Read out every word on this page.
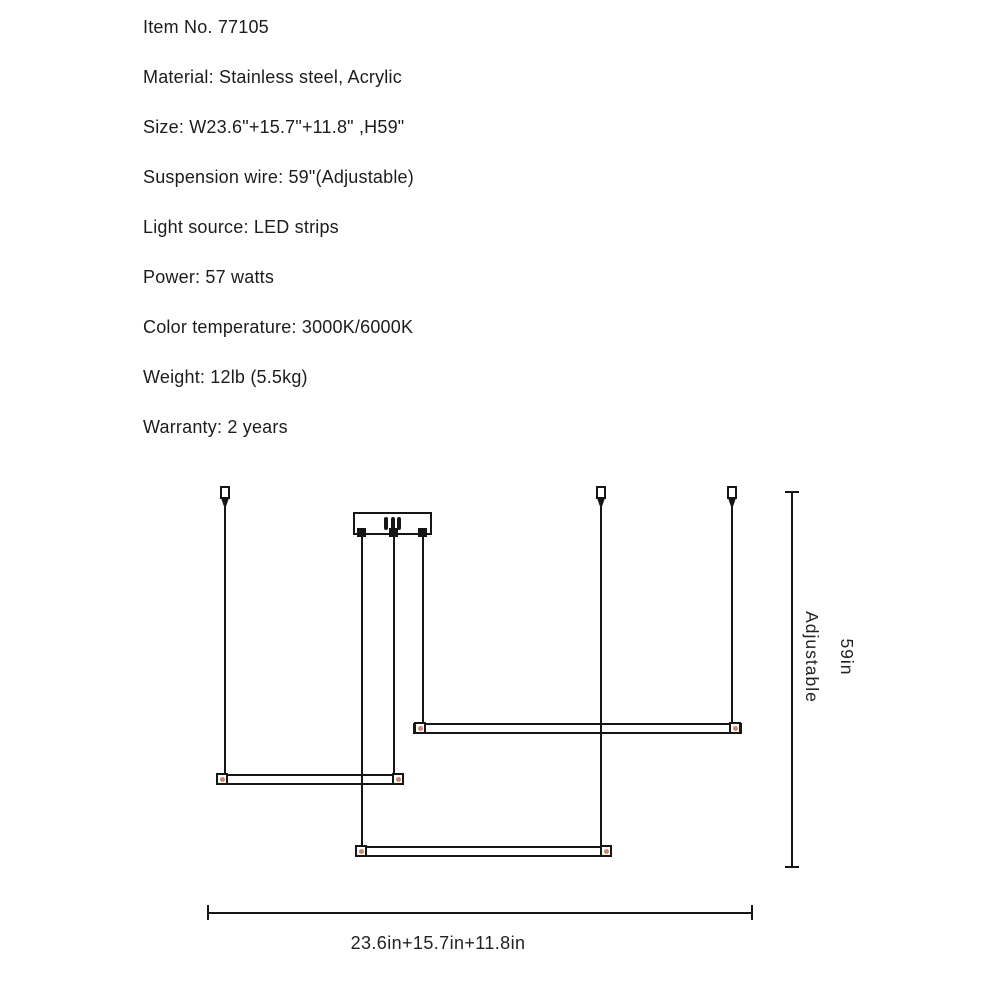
Item No. 77105
Material: Stainless steel, Acrylic
Size: W23.6"+15.7"+11.8" ,H59"
Suspension wire: 59"(Adjustable)
Light source: LED strips
Power: 57 watts
Color temperature: 3000K/6000K
Weight: 12lb (5.5kg)
Warranty: 2 years
59in
Adjustable
23.6in+15.7in+11.8in
